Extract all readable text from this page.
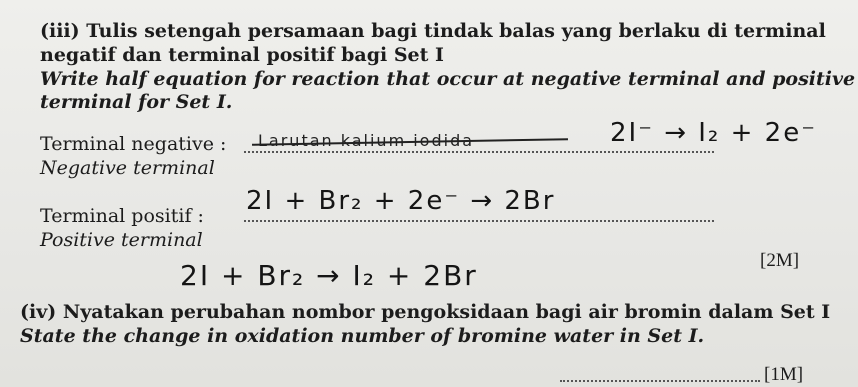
(iii) Tulis setengah persamaan bagi tindak balas yang berlaku di terminal
negatif dan terminal positif bagi Set I
Write half equation for reaction that occur at negative terminal and positive
terminal for Set I.
Terminal negative : Larutan kalium iodida	2I⁻ → I₂ + 2e⁻
Negative terminal
Terminal positif : 2I + Br₂ + 2e⁻ → 2Br
Positive terminal
[2M]
2I + Br₂ → I₂ + 2Br
(iv) Nyatakan perubahan nombor pengoksidaan bagi air bromin dalam Set I
State the change in oxidation number of bromine water in Set I.
[1M]
